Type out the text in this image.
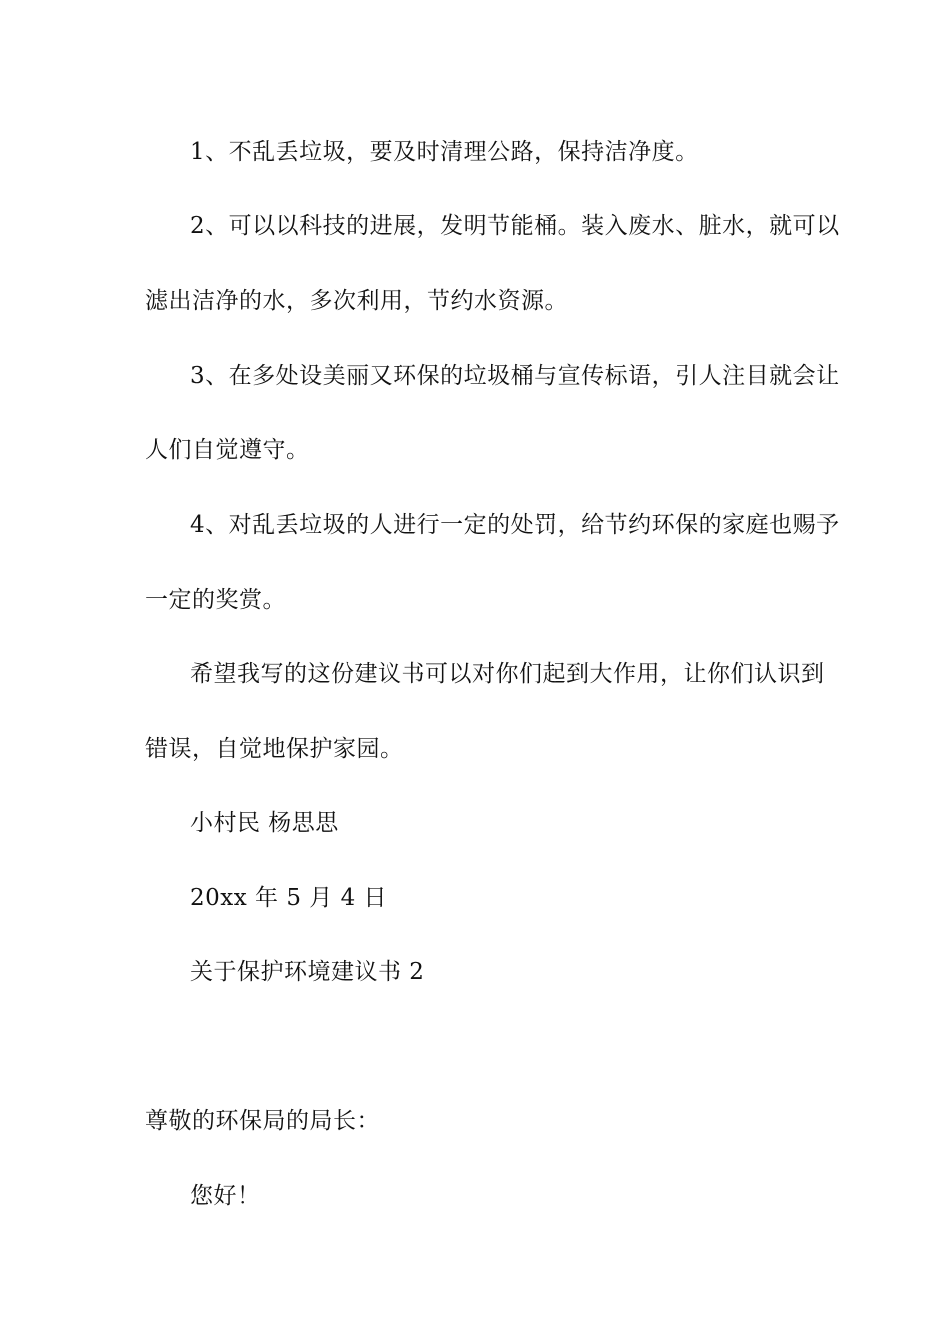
1、不乱丢垃圾，要及时清理公路，保持洁净度。
2、可以以科技的进展，发明节能桶。装入废水、脏水，就可以
滤出洁净的水，多次利用，节约水资源。
3、在多处设美丽又环保的垃圾桶与宣传标语，引人注目就会让
人们自觉遵守。
4、对乱丢垃圾的人进行一定的处罚，给节约环保的家庭也赐予
一定的奖赏。
希望我写的这份建议书可以对你们起到大作用，让你们认识到
错误，自觉地保护家园。
小村民 杨思思
20xx 年 5 月 4 日
关于保护环境建议书 2
尊敬的环保局的局长：
您好！
